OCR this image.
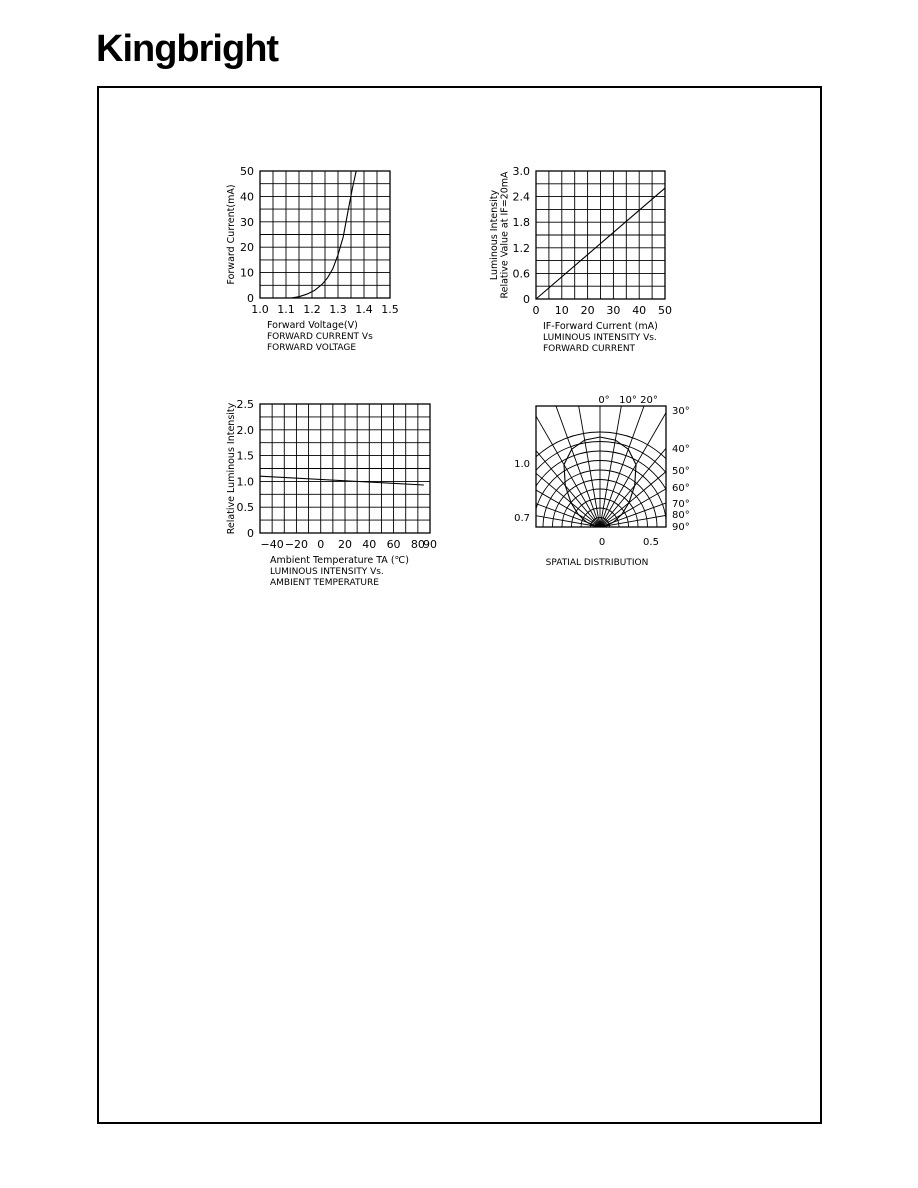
Kingbright
0
10
20
30
40
50
1.0 1.1 1.2 1.3 1.4 1.5
Forward Voltage(V)
Forward Current(mA)
FORWARD CURRENT Vs
FORWARD VOLTAGE
0
0.6
1.2
1.8
2.4
3.0
0 10 20 30 40 50
IF-Forward Current (mA)
Luminous Intensity Relative Value at IF=20mA
LUMINOUS INTENSITY Vs.
FORWARD CURRENT
0
0.5
1.0
1.5
2.0
2.5
−40 −20 0 20 40 60 80
90
Ambient Temperature TA (℃)
Relative Luminous Intensity
LUMINOUS INTENSITY Vs.
AMBIENT TEMPERATURE
0° 10° 20°
30°
40°
50°
60°
70°
80°
90°
1.0
0.7
0	0.5
SPATIAL DISTRIBUTION
